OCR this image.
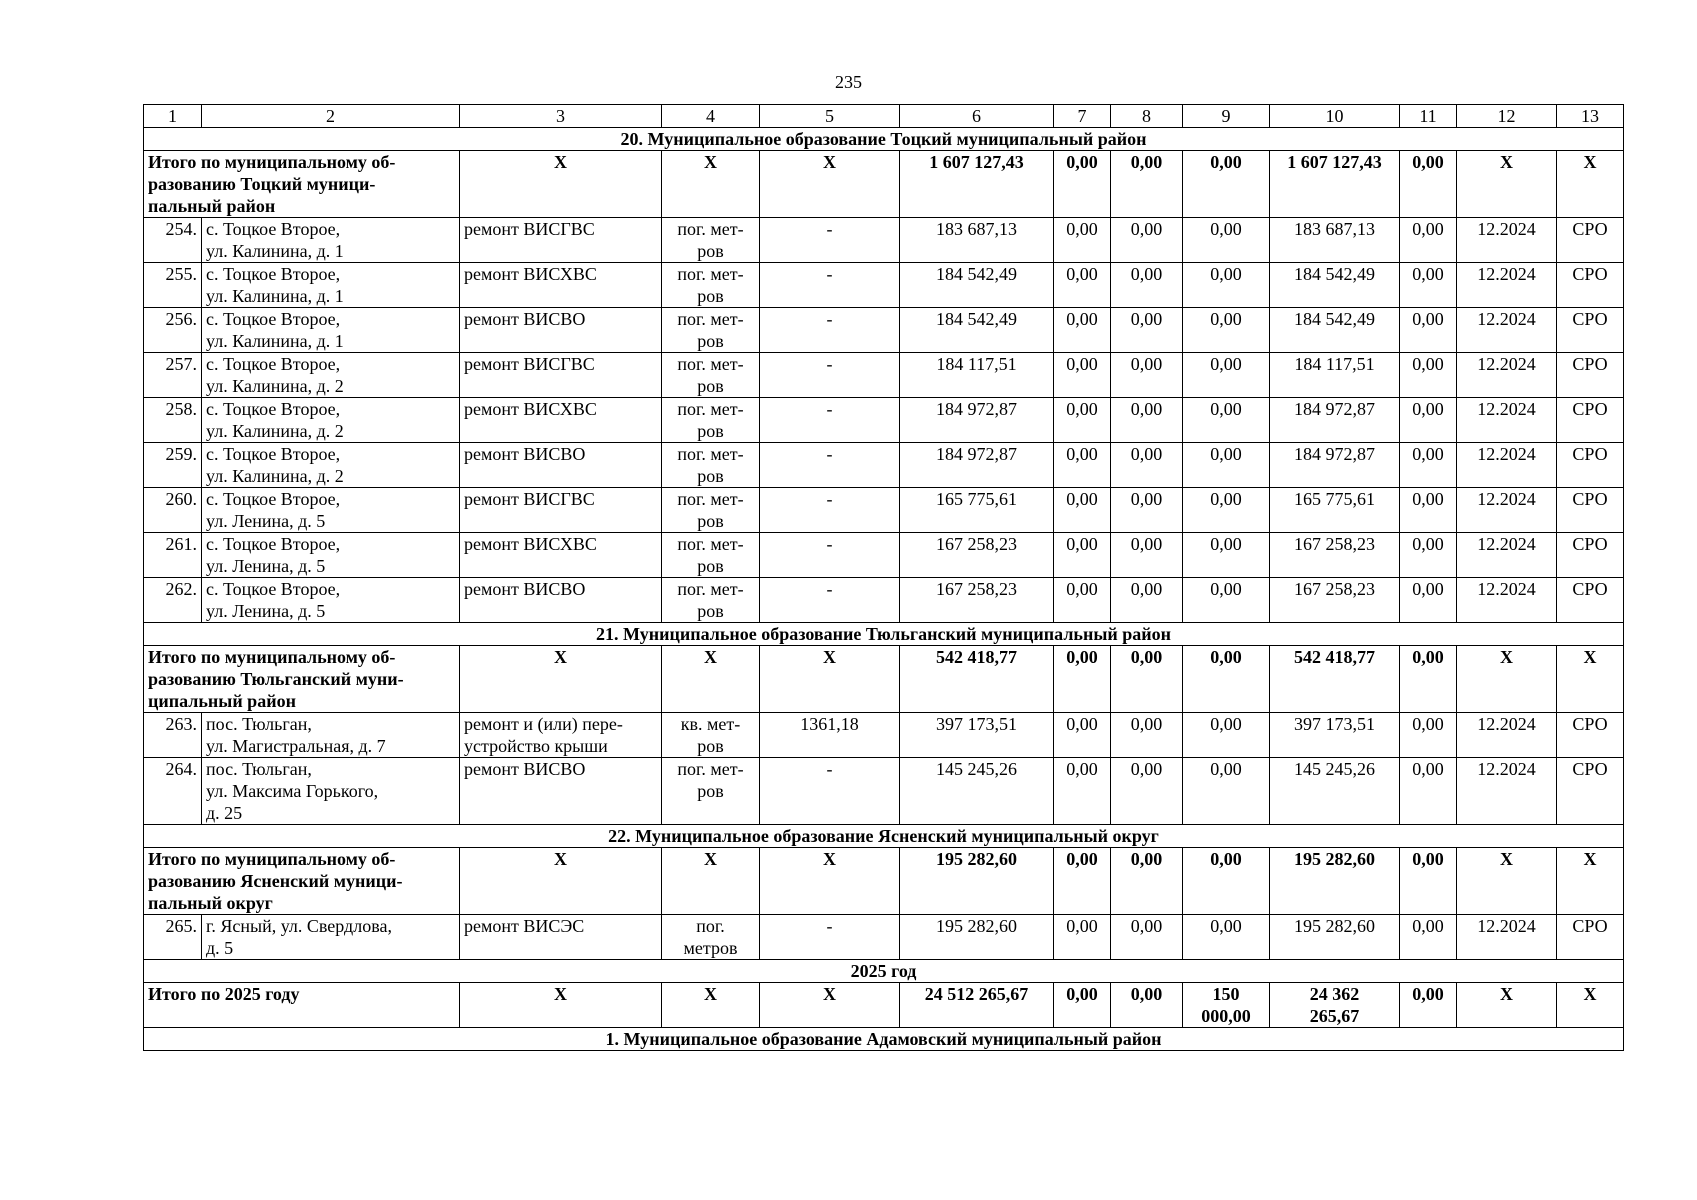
235
1	2	3	4	5	6	7	8	9	10	11	12	13
20. Муниципальное образование Тоцкий муниципальный район												
Итого по муниципальному об-
разованию Тоцкий муници-
пальный район		X	X	X	1 607 127,43	0,00	0,00	0,00	1 607 127,43	0,00	X	X
254.	с. Тоцкое Второе,
ул. Калинина, д. 1	ремонт ВИСГВС	пог. мет-
ров	-	183 687,13	0,00	0,00	0,00	183 687,13	0,00	12.2024	СРО
255.	с. Тоцкое Второе,
ул. Калинина, д. 1	ремонт ВИСХВС	пог. мет-
ров	-	184 542,49	0,00	0,00	0,00	184 542,49	0,00	12.2024	СРО
256.	с. Тоцкое Второе,
ул. Калинина, д. 1	ремонт ВИСВО	пог. мет-
ров	-	184 542,49	0,00	0,00	0,00	184 542,49	0,00	12.2024	СРО
257.	с. Тоцкое Второе,
ул. Калинина, д. 2	ремонт ВИСГВС	пог. мет-
ров	-	184 117,51	0,00	0,00	0,00	184 117,51	0,00	12.2024	СРО
258.	с. Тоцкое Второе,
ул. Калинина, д. 2	ремонт ВИСХВС	пог. мет-
ров	-	184 972,87	0,00	0,00	0,00	184 972,87	0,00	12.2024	СРО
259.	с. Тоцкое Второе,
ул. Калинина, д. 2	ремонт ВИСВО	пог. мет-
ров	-	184 972,87	0,00	0,00	0,00	184 972,87	0,00	12.2024	СРО
260.	с. Тоцкое Второе,
ул. Ленина, д. 5	ремонт ВИСГВС	пог. мет-
ров	-	165 775,61	0,00	0,00	0,00	165 775,61	0,00	12.2024	СРО
261.	с. Тоцкое Второе,
ул. Ленина, д. 5	ремонт ВИСХВС	пог. мет-
ров	-	167 258,23	0,00	0,00	0,00	167 258,23	0,00	12.2024	СРО
262.	с. Тоцкое Второе,
ул. Ленина, д. 5	ремонт ВИСВО	пог. мет-
ров	-	167 258,23	0,00	0,00	0,00	167 258,23	0,00	12.2024	СРО
21. Муниципальное образование Тюльганский муниципальный район												
Итого по муниципальному об-
разованию Тюльганский муни-
ципальный район		X	X	X	542 418,77	0,00	0,00	0,00	542 418,77	0,00	X	X
263.	пос. Тюльган,
ул. Магистральная, д. 7	ремонт и (или) пере-
устройство крыши	кв. мет-
ров	1361,18	397 173,51	0,00	0,00	0,00	397 173,51	0,00	12.2024	СРО
264.	пос. Тюльган,
ул. Максима Горького,
д. 25	ремонт ВИСВО	пог. мет-
ров	-	145 245,26	0,00	0,00	0,00	145 245,26	0,00	12.2024	СРО
22. Муниципальное образование Ясненский муниципальный округ												
Итого по муниципальному об-
разованию Ясненский муници-
пальный округ		X	X	X	195 282,60	0,00	0,00	0,00	195 282,60	0,00	X	X
265.	г. Ясный, ул. Свердлова,
д. 5	ремонт ВИСЭС	пог.
метров	-	195 282,60	0,00	0,00	0,00	195 282,60	0,00	12.2024	СРО
2025 год												
Итого по 2025 году		X	X	X	24 512 265,67	0,00	0,00	150
000,00	24 362
265,67	0,00	X	X
1. Муниципальное образование Адамовский муниципальный район												
